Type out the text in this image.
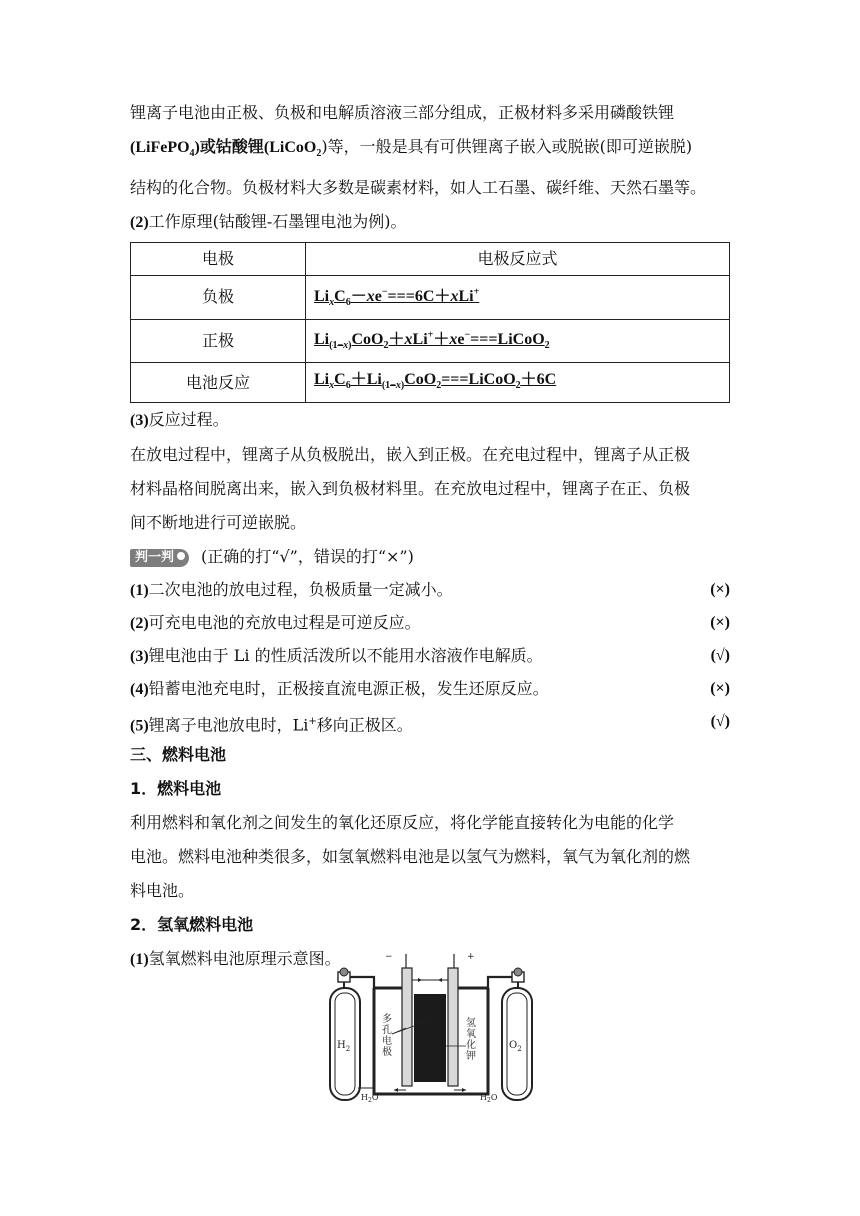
锂离子电池由正极、负极和电解质溶液三部分组成，正极材料多采用磷酸铁锂

(LiFePO$_4$)或钴酸锂(LiCoO$_2$)等，一般是具有可供锂离子嵌入或脱嵌(即可逆嵌脱)

结构的化合物。负极材料大多数是碳素材料，如人工石墨、碳纤维、天然石墨等。

(2)工作原理(钴酸锂-石墨锂电池为例)。

电极	电极反应式
负极	$Li_xC_6-xe^-===6C+xLi^+$
正极	$Li_{(1-x)}CoO_2+xLi^++xe^-===LiCoO_2$
电池反应	$Li_xC_6+Li_{(1-x)}CoO_2===LiCoO_2+6C$

(3)反应过程。

在放电过程中，锂离子从负极脱出，嵌入到正极。在充电过程中，锂离子从正极

材料晶格间脱离出来，嵌入到负极材料里。在充放电过程中，锂离子在正、负极

间不断地进行可逆嵌脱。

判一判 (正确的打“√”，错误的打“×”)
(1)二次电池的放电过程，负极质量一定减小。	(×)
(2)可充电电池的充放电过程是可逆反应。	(×)
(3)锂电池由于 Li 的性质活泼所以不能用水溶液作电解质。	(√)
(4)铅蓄电池充电时，正极接直流电源正极，发生还原反应。	(×)
(5)锂离子电池放电时，Li+移向正极区。	(√)
三、燃料电池
1．燃料电池

利用燃料和氧化剂之间发生的氧化还原反应，将化学能直接转化为电能的化学

电池。燃料电池种类很多，如氢氧燃料电池是以氢气为燃料，氧气为氧化剂的燃

料电池。

2．氢氧燃料电池

(1)氢氧燃料电池原理示意图。	−	+
$H_2$	$O_2$
多 孔 电 极
氢 氧 化 钾
$H_2O$	$H_2O$
